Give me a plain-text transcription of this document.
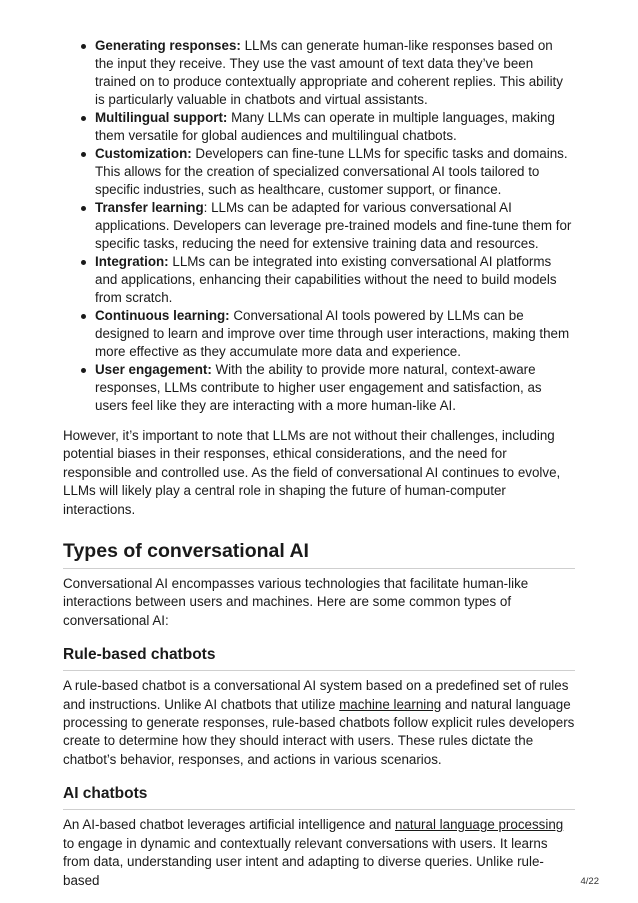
Generating responses: LLMs can generate human-like responses based on the input they receive. They use the vast amount of text data they’ve been trained on to produce contextually appropriate and coherent replies. This ability is particularly valuable in chatbots and virtual assistants.
Multilingual support: Many LLMs can operate in multiple languages, making them versatile for global audiences and multilingual chatbots.
Customization: Developers can fine-tune LLMs for specific tasks and domains. This allows for the creation of specialized conversational AI tools tailored to specific industries, such as healthcare, customer support, or finance.
Transfer learning: LLMs can be adapted for various conversational AI applications. Developers can leverage pre-trained models and fine-tune them for specific tasks, reducing the need for extensive training data and resources.
Integration: LLMs can be integrated into existing conversational AI platforms and applications, enhancing their capabilities without the need to build models from scratch.
Continuous learning: Conversational AI tools powered by LLMs can be designed to learn and improve over time through user interactions, making them more effective as they accumulate more data and experience.
User engagement: With the ability to provide more natural, context-aware responses, LLMs contribute to higher user engagement and satisfaction, as users feel like they are interacting with a more human-like AI.

However, it’s important to note that LLMs are not without their challenges, including potential biases in their responses, ethical considerations, and the need for responsible and controlled use. As the field of conversational AI continues to evolve, LLMs will likely play a central role in shaping the future of human-computer interactions.

Types of conversational AI

Conversational AI encompasses various technologies that facilitate human-like interactions between users and machines. Here are some common types of conversational AI:

Rule-based chatbots

A rule-based chatbot is a conversational AI system based on a predefined set of rules and instructions. Unlike AI chatbots that utilize machine learning and natural language processing to generate responses, rule-based chatbots follow explicit rules developers create to determine how they should interact with users. These rules dictate the chatbot’s behavior, responses, and actions in various scenarios.

AI chatbots

An AI-based chatbot leverages artificial intelligence and natural language processing to engage in dynamic and contextually relevant conversations with users. It learns from data, understanding user intent and adapting to diverse queries. Unlike rule-based	4/22
